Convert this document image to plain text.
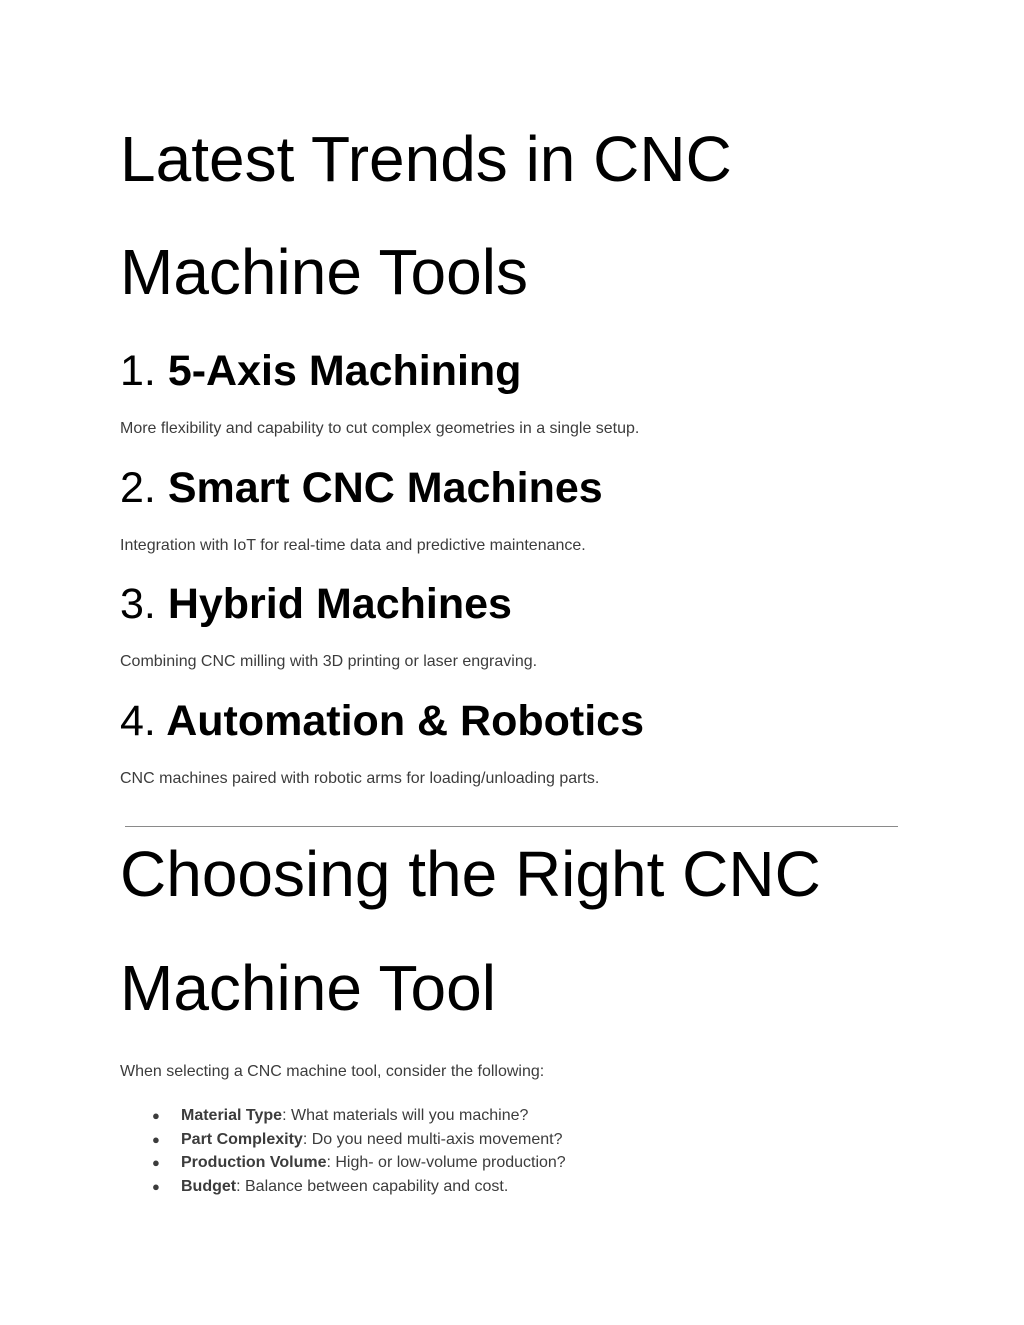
Latest Trends in CNC
Machine Tools
1. 5-Axis Machining

More flexibility and capability to cut complex geometries in a single setup.

2. Smart CNC Machines

Integration with IoT for real-time data and predictive maintenance.

3. Hybrid Machines

Combining CNC milling with 3D printing or laser engraving.

4. Automation & Robotics

CNC machines paired with robotic arms for loading/unloading parts.

Choosing the Right CNC
Machine Tool

When selecting a CNC machine tool, consider the following:

● Material Type: What materials will you machine?
● Part Complexity: Do you need multi-axis movement?
● Production Volume: High- or low-volume production?
● Budget: Balance between capability and cost.
